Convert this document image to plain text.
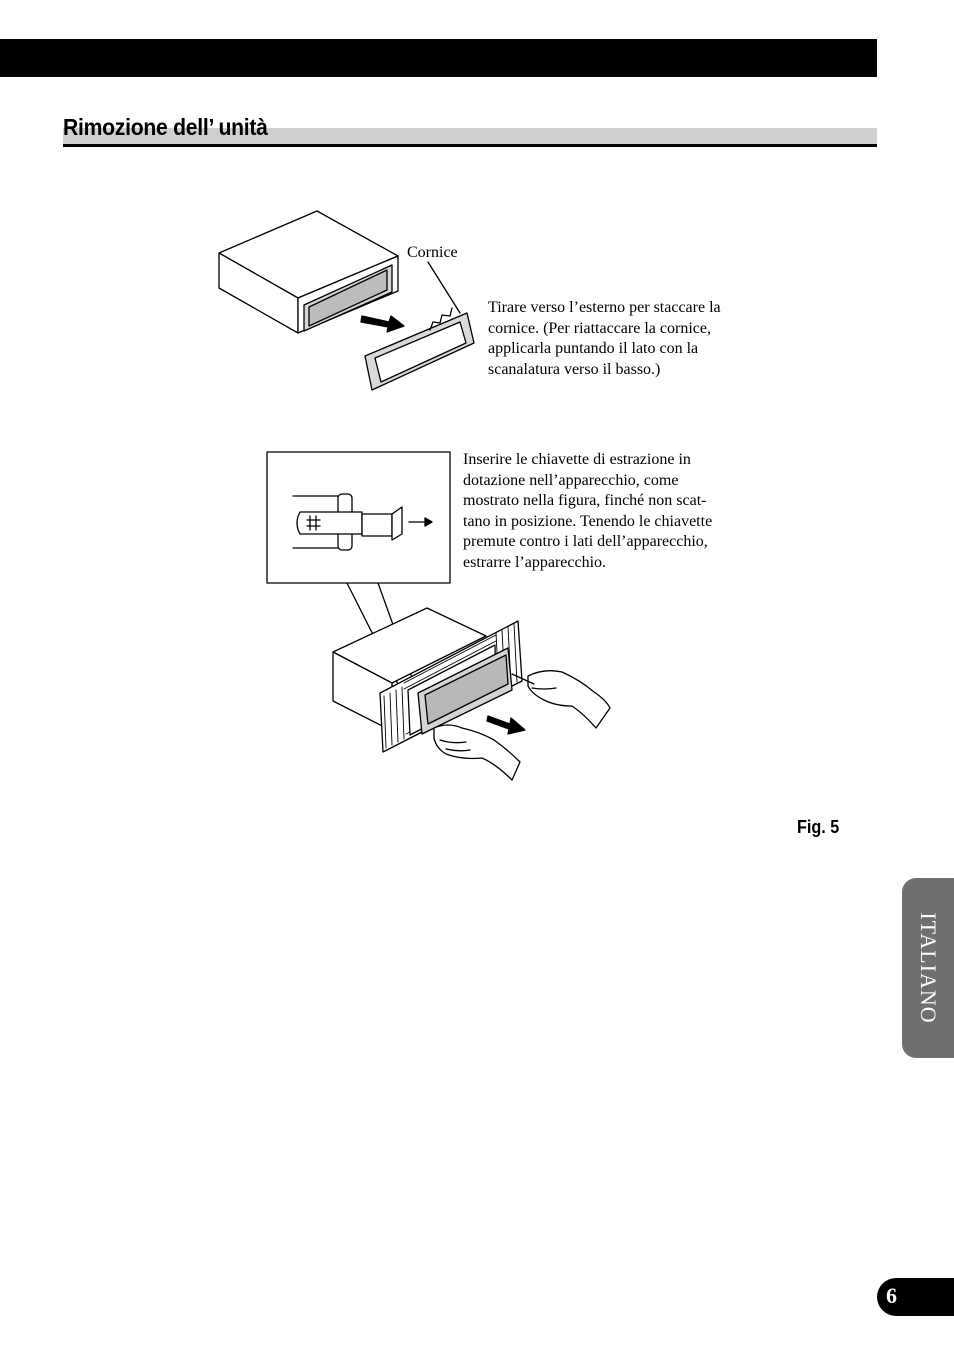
Rimozione dell’ unità
Cornice
Tirare verso l’esterno per staccare la
cornice. (Per riattaccare la cornice,
applicarla puntando il lato con la
scanalatura verso il basso.)
Inserire le chiavette di estrazione in
dotazione nell’apparecchio, come
mostrato nella figura, finché non scat-
tano in posizione. Tenendo le chiavette
premute contro i lati dell’apparecchio,
estrarre l’apparecchio.

Fig. 5

ITALIANO
6
